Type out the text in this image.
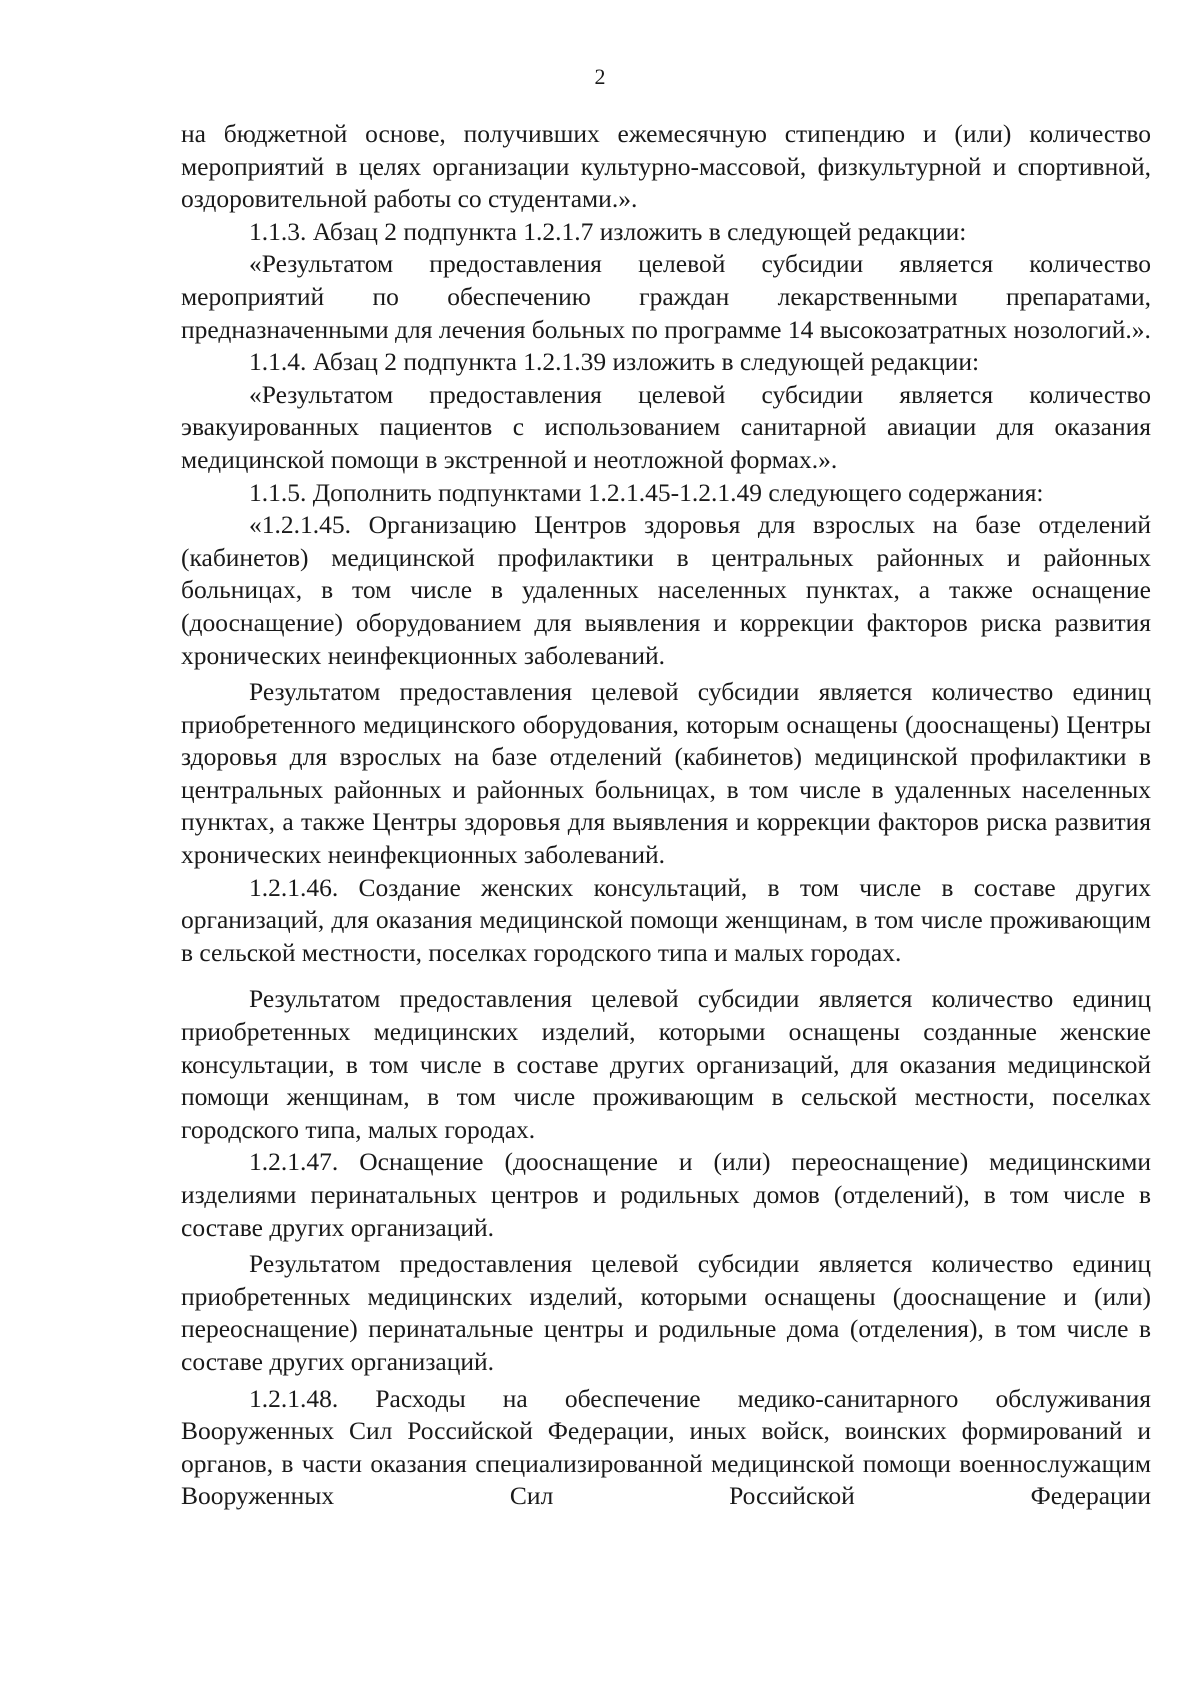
2

на бюджетной основе, получивших ежемесячную стипендию и (или) количество мероприятий в целях организации культурно-массовой, физкультурной и спортивной, оздоровительной работы со студентами.».

1.1.3. Абзац 2 подпункта 1.2.1.7 изложить в следующей редакции:

«Результатом предоставления целевой субсидии является количество мероприятий по обеспечению граждан лекарственными препаратами, предназначенными для лечения больных по программе 14 высокозатратных нозологий.».

1.1.4. Абзац 2 подпункта 1.2.1.39 изложить в следующей редакции:

«Результатом предоставления целевой субсидии является количество эвакуированных пациентов с использованием санитарной авиации для оказания медицинской помощи в экстренной и неотложной формах.».

1.1.5. Дополнить подпунктами 1.2.1.45-1.2.1.49 следующего содержания:

«1.2.1.45. Организацию Центров здоровья для взрослых на базе отделений (кабинетов) медицинской профилактики в центральных районных и районных больницах, в том числе в удаленных населенных пунктах, а также оснащение (дооснащение) оборудованием для выявления и коррекции факторов риска развития хронических неинфекционных заболеваний.

Результатом предоставления целевой субсидии является количество единиц приобретенного медицинского оборудования, которым оснащены (дооснащены) Центры здоровья для взрослых на базе отделений (кабинетов) медицинской профилактики в центральных районных и районных больницах, в том числе в удаленных населенных пунктах, а также Центры здоровья для выявления и коррекции факторов риска развития хронических неинфекционных заболеваний.

1.2.1.46. Создание женских консультаций, в том числе в составе других организаций, для оказания медицинской помощи женщинам, в том числе проживающим в сельской местности, поселках городского типа и малых городах.

Результатом предоставления целевой субсидии является количество единиц приобретенных медицинских изделий, которыми оснащены созданные женские консультации, в том числе в составе других организаций, для оказания медицинской помощи женщинам, в том числе проживающим в сельской местности, поселках городского типа, малых городах.

1.2.1.47. Оснащение (дооснащение и (или) переоснащение) медицинскими изделиями перинатальных центров и родильных домов (отделений), в том числе в составе других организаций.

Результатом предоставления целевой субсидии является количество единиц приобретенных медицинских изделий, которыми оснащены (дооснащение и (или) переоснащение) перинатальные центры и родильные дома (отделения), в том числе в составе других организаций.

1.2.1.48. Расходы на обеспечение медико-санитарного обслуживания Вооруженных Сил Российской Федерации, иных войск, воинских формирований и органов, в части оказания специализированной медицинской помощи военнослужащим Вооруженных Сил Российской Федерации
